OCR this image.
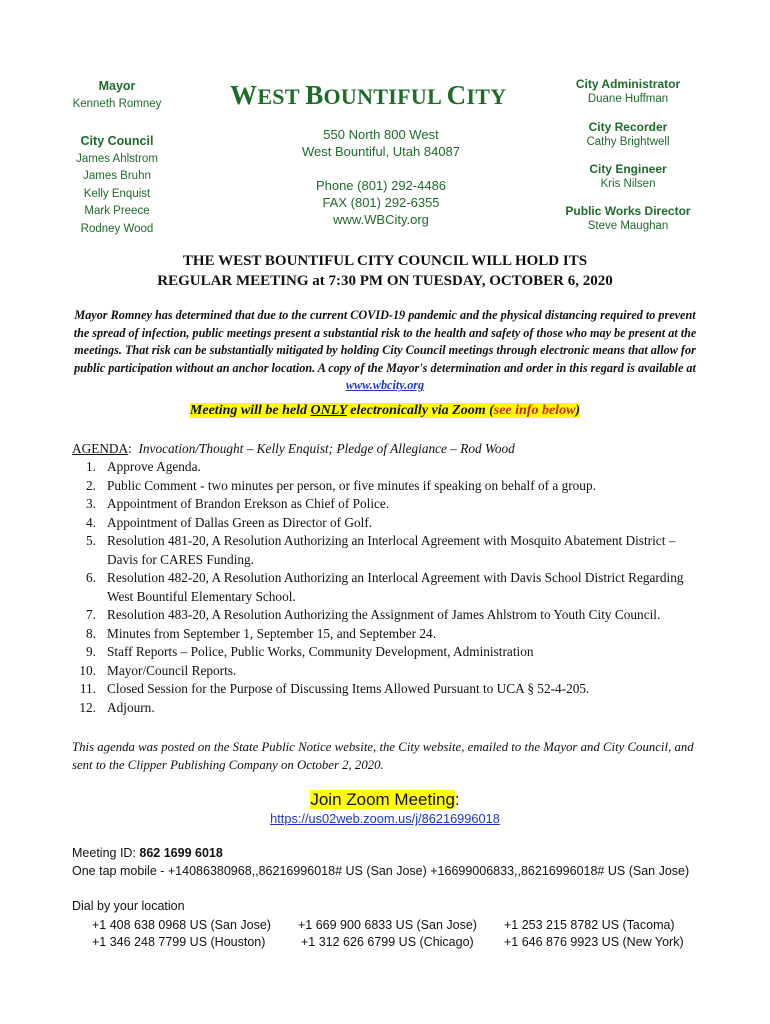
Mayor
Kenneth Romney
City Council
James Ahlstrom
James Bruhn
Kelly Enquist
Mark Preece
Rodney Wood
WEST BOUNTIFUL CITY
550 North 800 West
West Bountiful, Utah 84087
Phone (801) 292-4486
FAX (801) 292-6355
www.WBCity.org
City Administrator
Duane Huffman
City Recorder
Cathy Brightwell
City Engineer
Kris Nilsen
Public Works Director
Steve Maughan
THE WEST BOUNTIFUL CITY COUNCIL WILL HOLD ITS
REGULAR MEETING at 7:30 PM ON TUESDAY, OCTOBER 6, 2020
Mayor Romney has determined that due to the current COVID-19 pandemic and the physical distancing required to prevent the spread of infection, public meetings present a substantial risk to the health and safety of those who may be present at the meetings. That risk can be substantially mitigated by holding City Council meetings through electronic means that allow for public participation without an anchor location. A copy of the Mayor's determination and order in this regard is available at www.wbcity.org
Meeting will be held ONLY electronically via Zoom (see info below)
AGENDA:  Invocation/Thought – Kelly Enquist; Pledge of Allegiance – Rod Wood
1. Approve Agenda.
2. Public Comment - two minutes per person, or five minutes if speaking on behalf of a group.
3. Appointment of Brandon Erekson as Chief of Police.
4. Appointment of Dallas Green as Director of Golf.
5. Resolution 481-20, A Resolution Authorizing an Interlocal Agreement with Mosquito Abatement District – Davis for CARES Funding.
6. Resolution 482-20, A Resolution Authorizing an Interlocal Agreement with Davis School District Regarding West Bountiful Elementary School.
7. Resolution 483-20, A Resolution Authorizing the Assignment of James Ahlstrom to Youth City Council.
8. Minutes from September 1, September 15, and September 24.
9. Staff Reports – Police, Public Works, Community Development, Administration
10. Mayor/Council Reports.
11. Closed Session for the Purpose of Discussing Items Allowed Pursuant to UCA § 52-4-205.
12. Adjourn.
This agenda was posted on the State Public Notice website, the City website, emailed to the Mayor and City Council, and sent to the Clipper Publishing Company on October 2, 2020.
Join Zoom Meeting:
https://us02web.zoom.us/j/86216996018
Meeting ID: 862 1699 6018
One tap mobile - +14086380968,,86216996018# US (San Jose) +16699006833,,86216996018# US (San Jose)
Dial by your location
+1 408 638 0968 US (San Jose) +1 669 900 6833 US (San Jose) +1 253 215 8782 US (Tacoma)
+1 346 248 7799 US (Houston)	+1 312 626 6799 US (Chicago) +1 646 876 9923 US (New York)
